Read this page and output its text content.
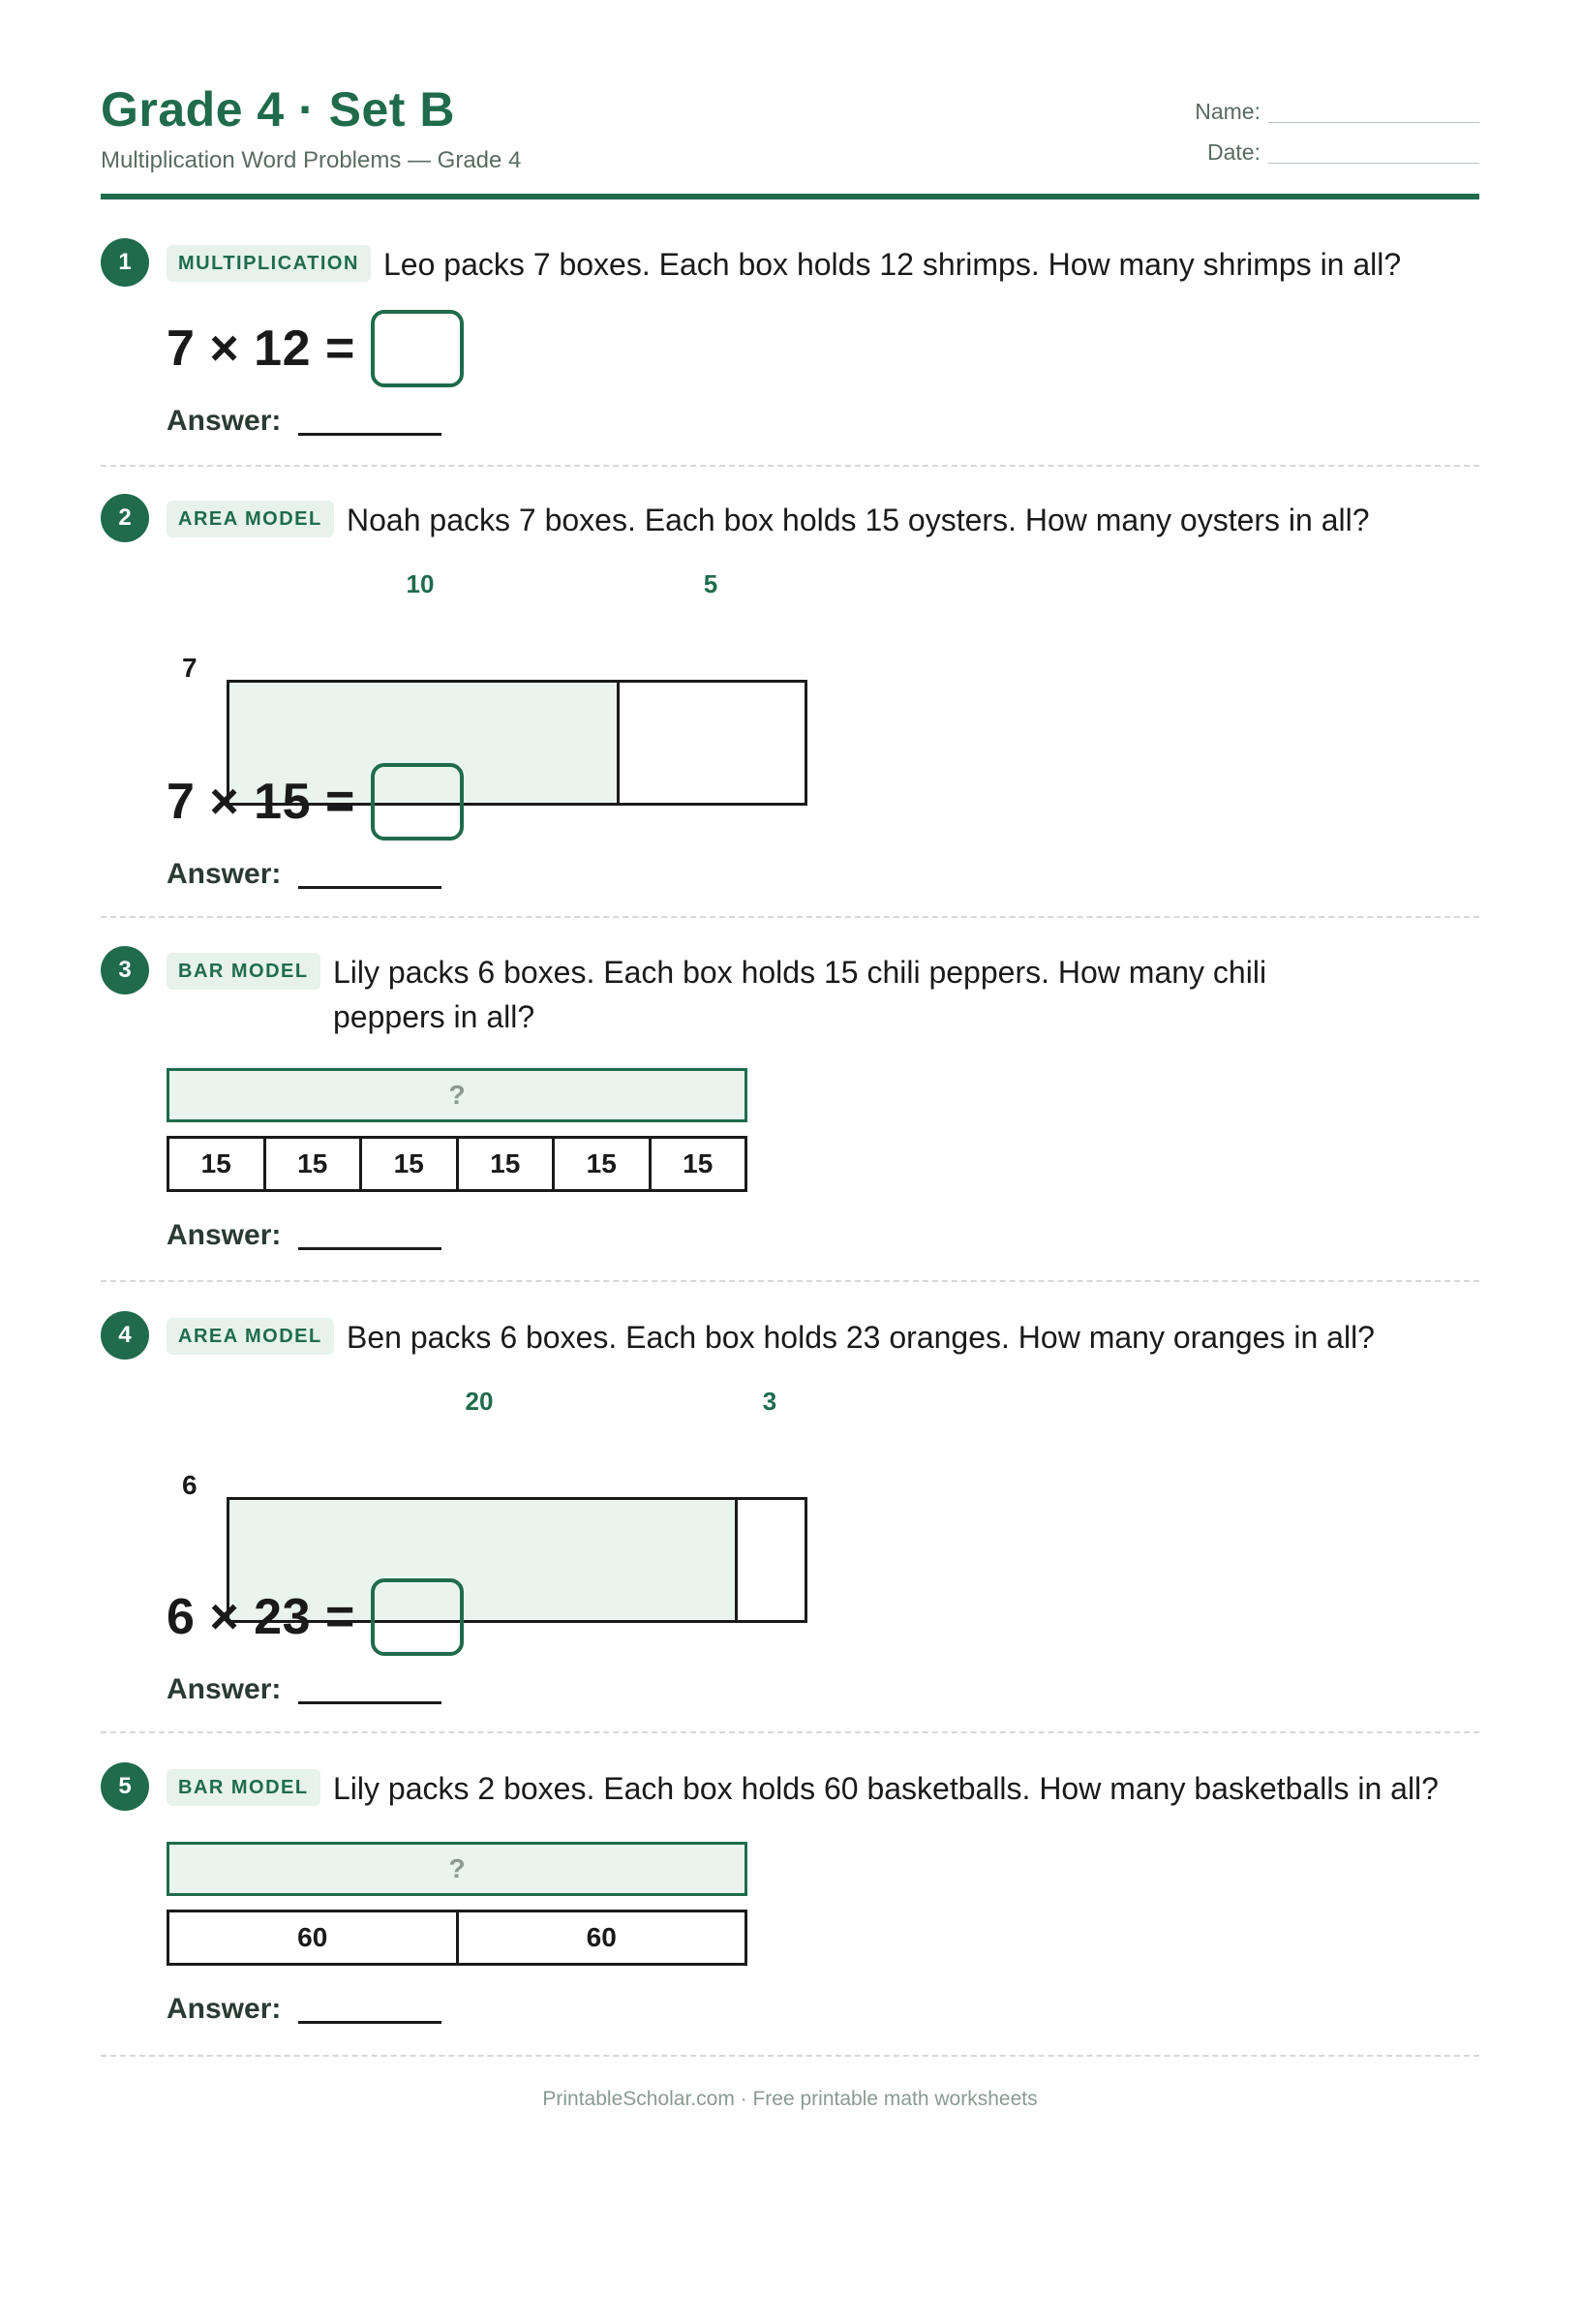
Grade 4 · Set B
Multiplication Word Problems — Grade 4
Name:
Date:
1	MULTIPLICATION Leo packs 7 boxes. Each box holds 12 shrimps. How many shrimps in all?
7 × 12 =
Answer:
2	AREA MODEL Noah packs 7 boxes. Each box holds 15 oysters. How many oysters in all?
10	5
7
7 × 15 =
Answer:
3	BAR MODEL Lily packs 6 boxes. Each box holds 15 chili peppers. How many chili peppers in all?
?
15	15	15	15	15	15
Answer:
4	AREA MODEL Ben packs 6 boxes. Each box holds 23 oranges. How many oranges in all?
20	3
6
6 × 23 =
Answer:
5	BAR MODEL Lily packs 2 boxes. Each box holds 60 basketballs. How many basketballs in all?
?
60	60
Answer:
PrintableScholar.com · Free printable math worksheets
